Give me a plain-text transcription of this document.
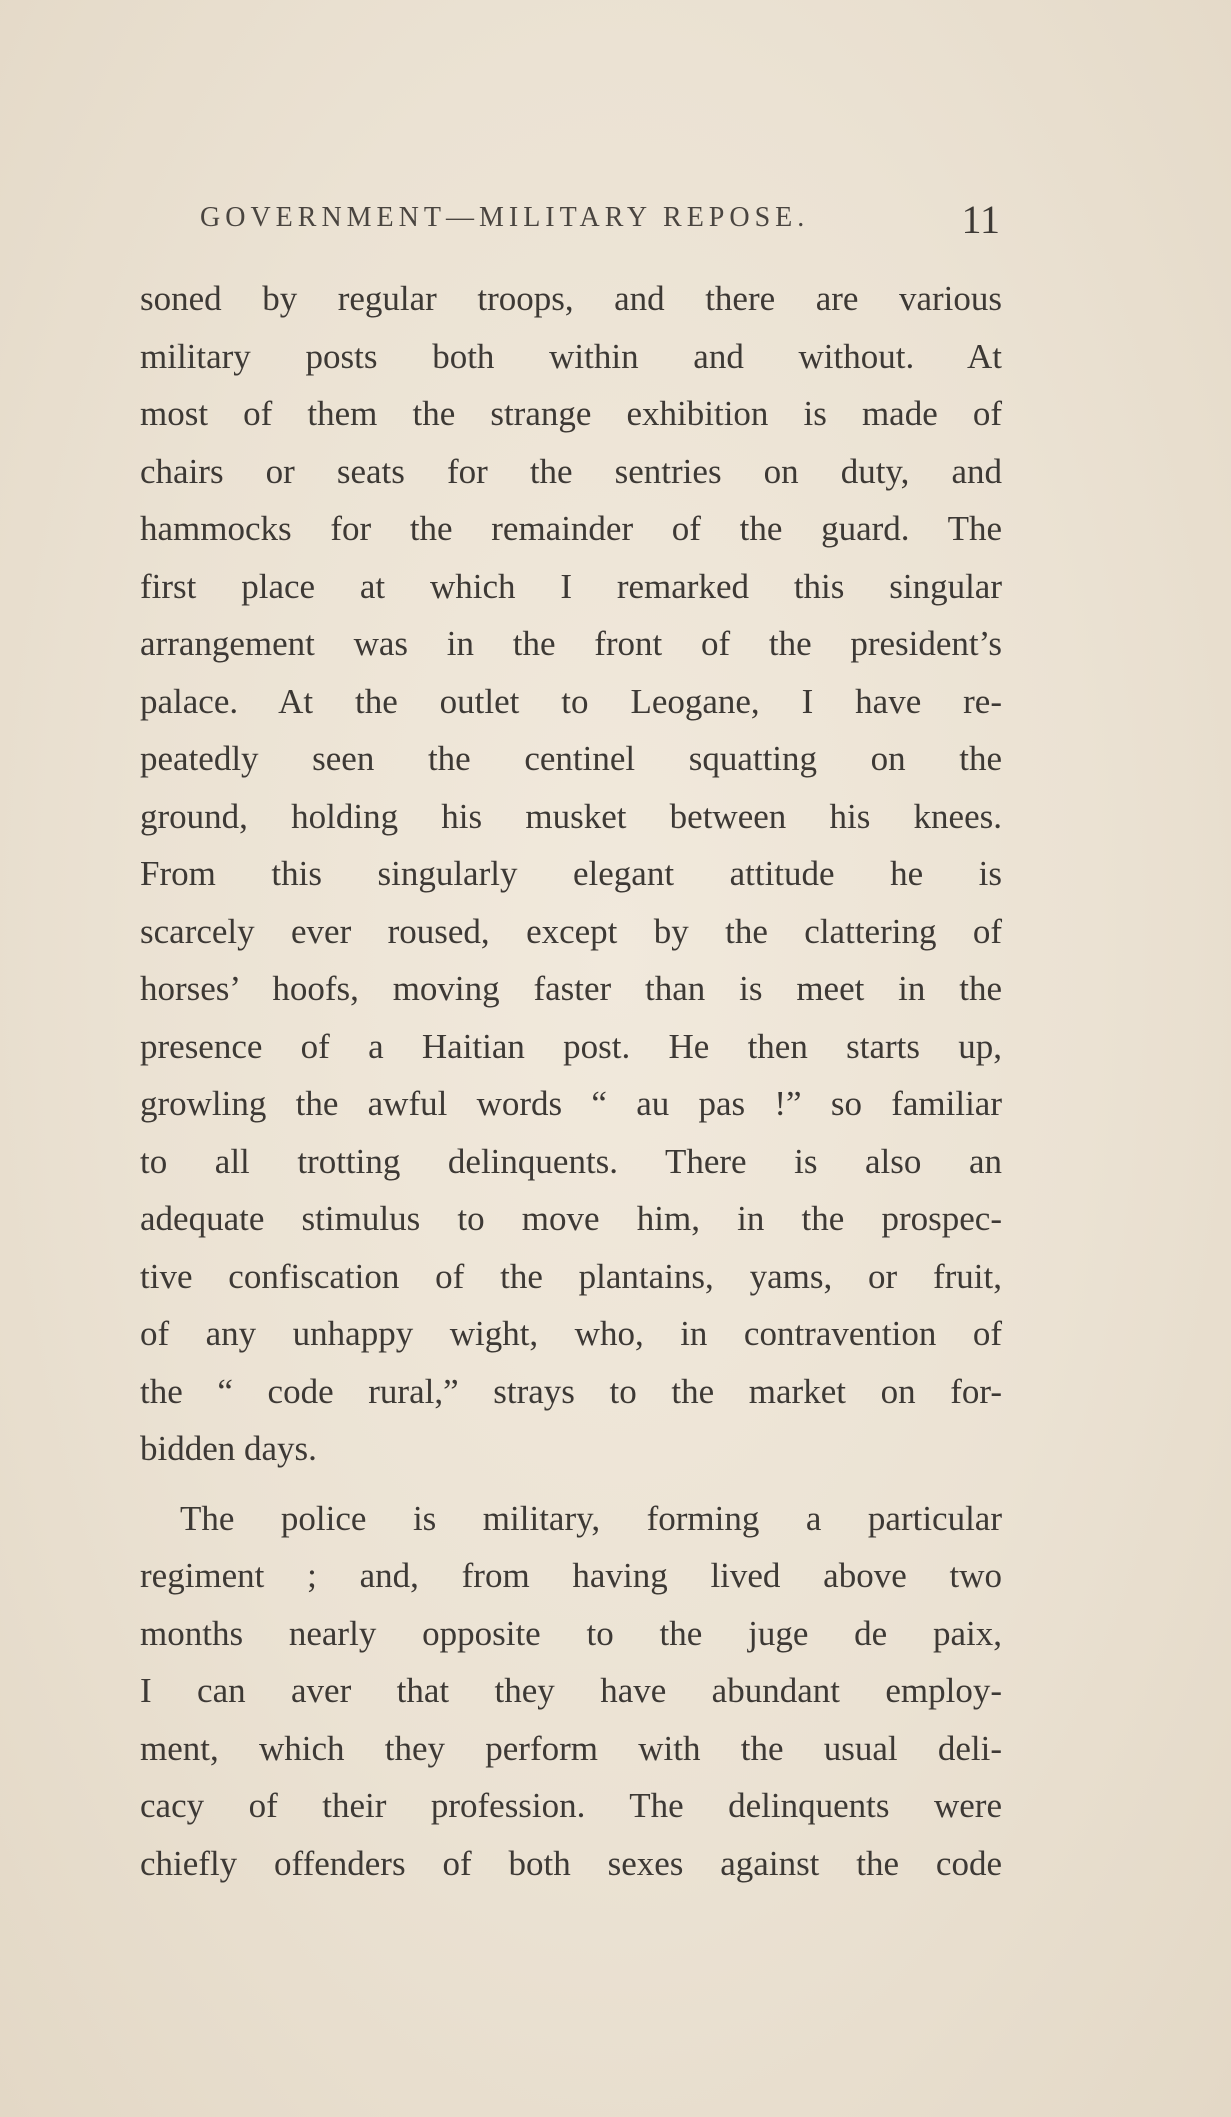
GOVERNMENT—MILITARY REPOSE.	11
soned by regular troops, and there are various
military posts both within and without. At
most of them the strange exhibition is made of
chairs or seats for the sentries on duty, and
hammocks for the remainder of the guard. The
first place at which I remarked this singular
arrangement was in the front of the president’s
palace. At the outlet to Leogane, I have re-
peatedly seen the centinel squatting on the
ground, holding his musket between his knees.
From this singularly elegant attitude he is
scarcely ever roused, except by the clattering of
horses’ hoofs, moving faster than is meet in the
presence of a Haitian post. He then starts up,
growling the awful words “ au pas !” so familiar
to all trotting delinquents. There is also an
adequate stimulus to move him, in the prospec-
tive confiscation of the plantains, yams, or fruit,
of any unhappy wight, who, in contravention of
the “ code rural,” strays to the market on for-
bidden days.
The police is military, forming a particular
regiment ; and, from having lived above two
months nearly opposite to the juge de paix,
I can aver that they have abundant employ-
ment, which they perform with the usual deli-
cacy of their profession. The delinquents were
chiefly offenders of both sexes against the code
